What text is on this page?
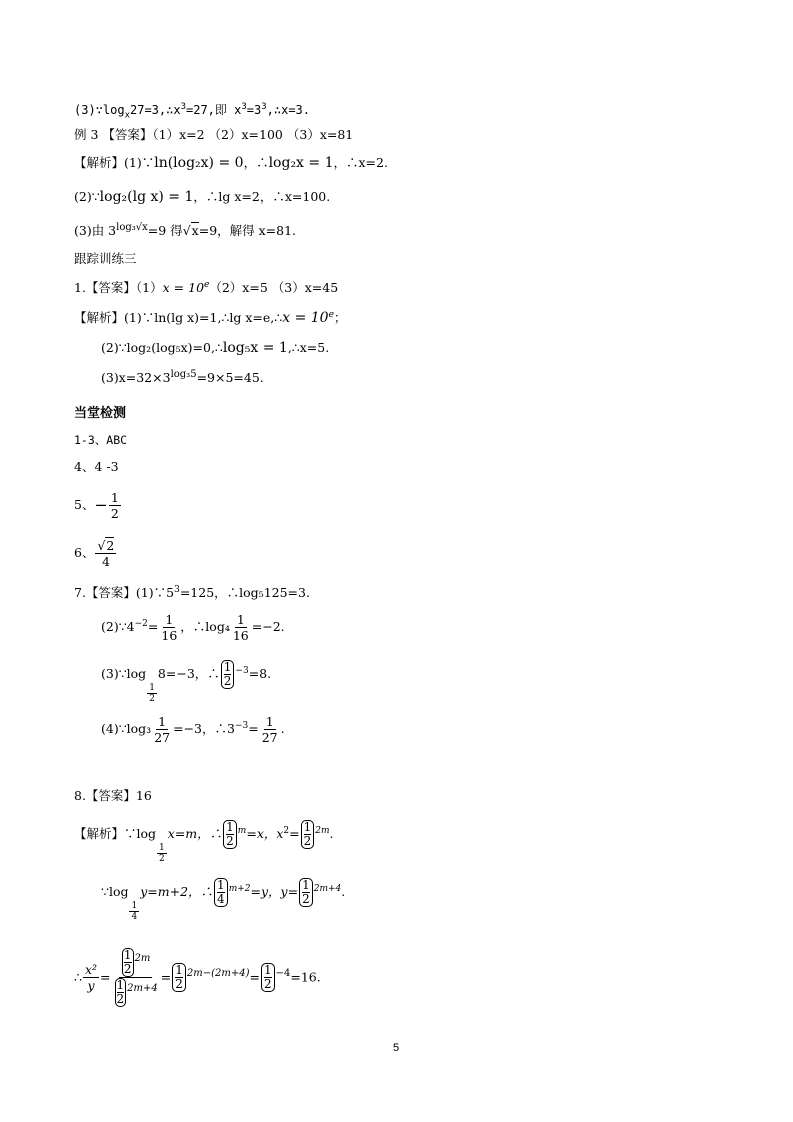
$(3)\because\log_x27=3,\therefore x^3=27$,即 $x^3=3^3,\therefore x=3$.
例 3 【答案】（1）x=2 （2）x=100 （3）x=81
【解析】(1)∵ln(log₂x) = 0，∴log₂x = 1，∴x=2.
(2)∵log₂(lg x) = 1，∴lg x=2，∴x=100.
(3)由 $3^{log_3√x}=9$ 得√x=9，解得 x=81.
跟踪训练三
1.【答案】$(1)x = 10^e(2)x=5$ （3）x=45
【解析】(1)∵ln(lg x)=1,∴lg x=e,∴x = $10^e$；
(2)∵log₂(log₅x)=0,∴log₅x = 1,∴x=5.
$(3)x=32\times 3^{log_35}=9\times 5=45$.
当堂检测
1-3、ABC
4、4 -3
5、− $\frac{1}{2}$
6、 $\frac{√2}{4}$
7.【答案】$(1)\because 5^3=125$，∴log₅125=3.
$(2)\because 4^{-2}= \frac{1}{16}$ ，∴log₄ $\frac{1}{16} =-2$.
(3)∵log
$\frac{1}{2}$
8=−3，∴ $\frac{1}{2} ^{-3}=8$.
(4)∵log₃ $\frac{1}{27} =-3$，$\therefore 3^{-3}= \frac{1}{27}$ .
8.【答案】16
【解析】∵log
$\frac{1}{2}$
x=m，∴ $\frac{1}{2} ^m=x$，$x^2= \frac{1}{2} ^{2m}$.
∵log
$\frac{1}{4}$
y=m+2，∴ $\frac{1}{4} ^{m+2}=y$，$y= \frac{1}{2} ^{2m+4}$.
∴ $\frac{\text{x²}}{y} = \frac{\frac{1}{2} ^{2m}}{\frac{1}{2} ^{2m+4}} = \frac{1}{2} ^{2m-(2m+4)}= \frac{1}{2} ^{-4}=16$.
5
